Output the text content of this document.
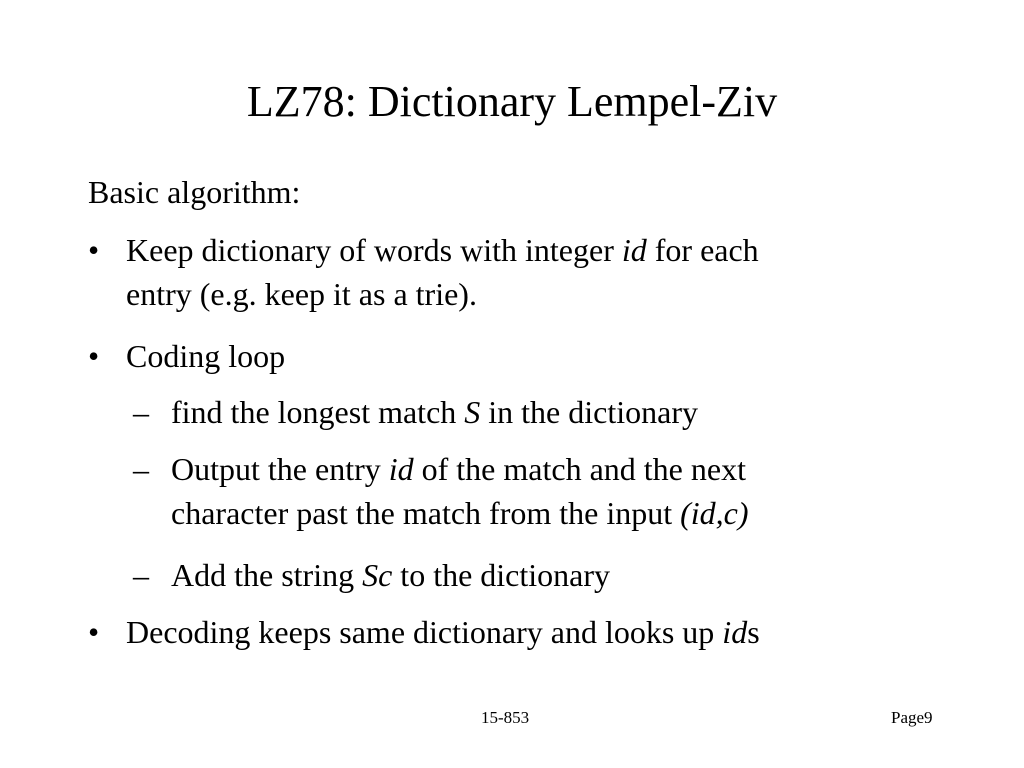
LZ78: Dictionary Lempel-Ziv

Basic algorithm:

• Keep dictionary of words with integer id for each
entry (e.g. keep it as a trie).
• Coding loop
– find the longest match S in the dictionary
– Output the entry id of the match and the next
character past the match from the input (id,c)
– Add the string Sc to the dictionary
• Decoding keeps same dictionary and looks up ids
15-853	Page9
